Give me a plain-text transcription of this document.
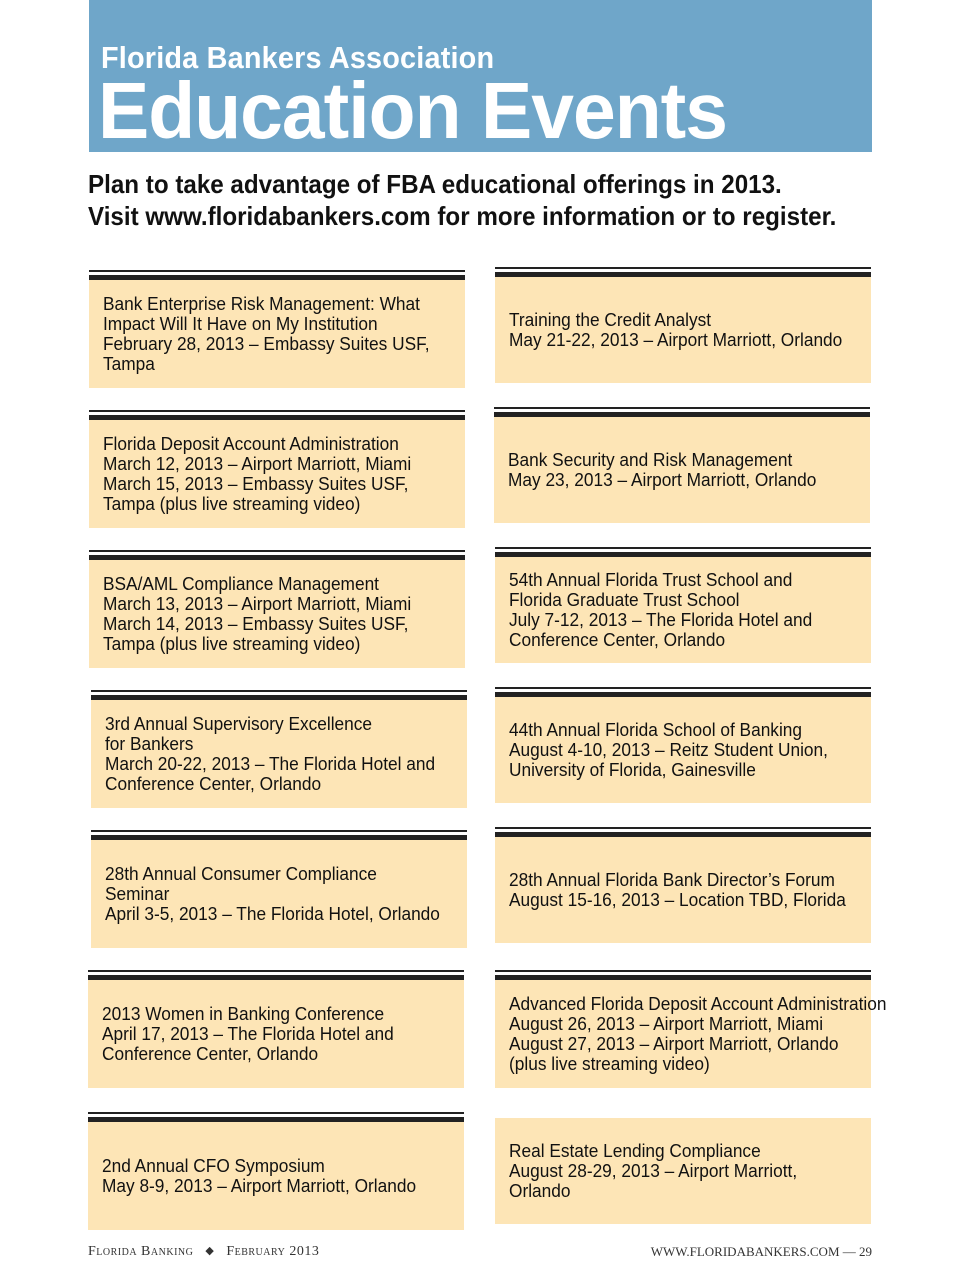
Florida Bankers Association
Education Events
Plan to take advantage of FBA educational offerings in 2013.
Visit www.floridabankers.com for more information or to register.
Bank Enterprise Risk Management: What
Impact Will It Have on My Institution
February 28, 2013 – Embassy Suites USF,
Tampa
Florida Deposit Account Administration
March 12, 2013 – Airport Marriott, Miami
March 15, 2013 – Embassy Suites USF,
Tampa (plus live streaming video)
BSA/AML Compliance Management
March 13, 2013 – Airport Marriott, Miami
March 14, 2013 – Embassy Suites USF,
Tampa (plus live streaming video)
3rd Annual Supervisory Excellence
for Bankers
March 20-22, 2013 – The Florida Hotel and
Conference Center, Orlando
28th Annual Consumer Compliance
Seminar
April 3-5, 2013 – The Florida Hotel, Orlando
2013 Women in Banking Conference
April 17, 2013 – The Florida Hotel and
Conference Center, Orlando
2nd Annual CFO Symposium
May 8-9, 2013 – Airport Marriott, Orlando
Training the Credit Analyst
May 21-22, 2013 – Airport Marriott, Orlando
Bank Security and Risk Management
May 23, 2013 – Airport Marriott, Orlando
54th Annual Florida Trust School and
Florida Graduate Trust School
July 7-12, 2013 – The Florida Hotel and
Conference Center, Orlando
44th Annual Florida School of Banking
August 4-10, 2013 – Reitz Student Union,
University of Florida, Gainesville
28th Annual Florida Bank Director’s Forum
August 15-16, 2013 – Location TBD, Florida
Advanced Florida Deposit Account Administration
August 26, 2013 – Airport Marriott, Miami
August 27, 2013 – Airport Marriott, Orlando
(plus live streaming video)
Real Estate Lending Compliance
August 28-29, 2013 – Airport Marriott,
Orlando
Florida Banking ◆ February 2013	WWW.FLORIDABANKERS.COM — 29
